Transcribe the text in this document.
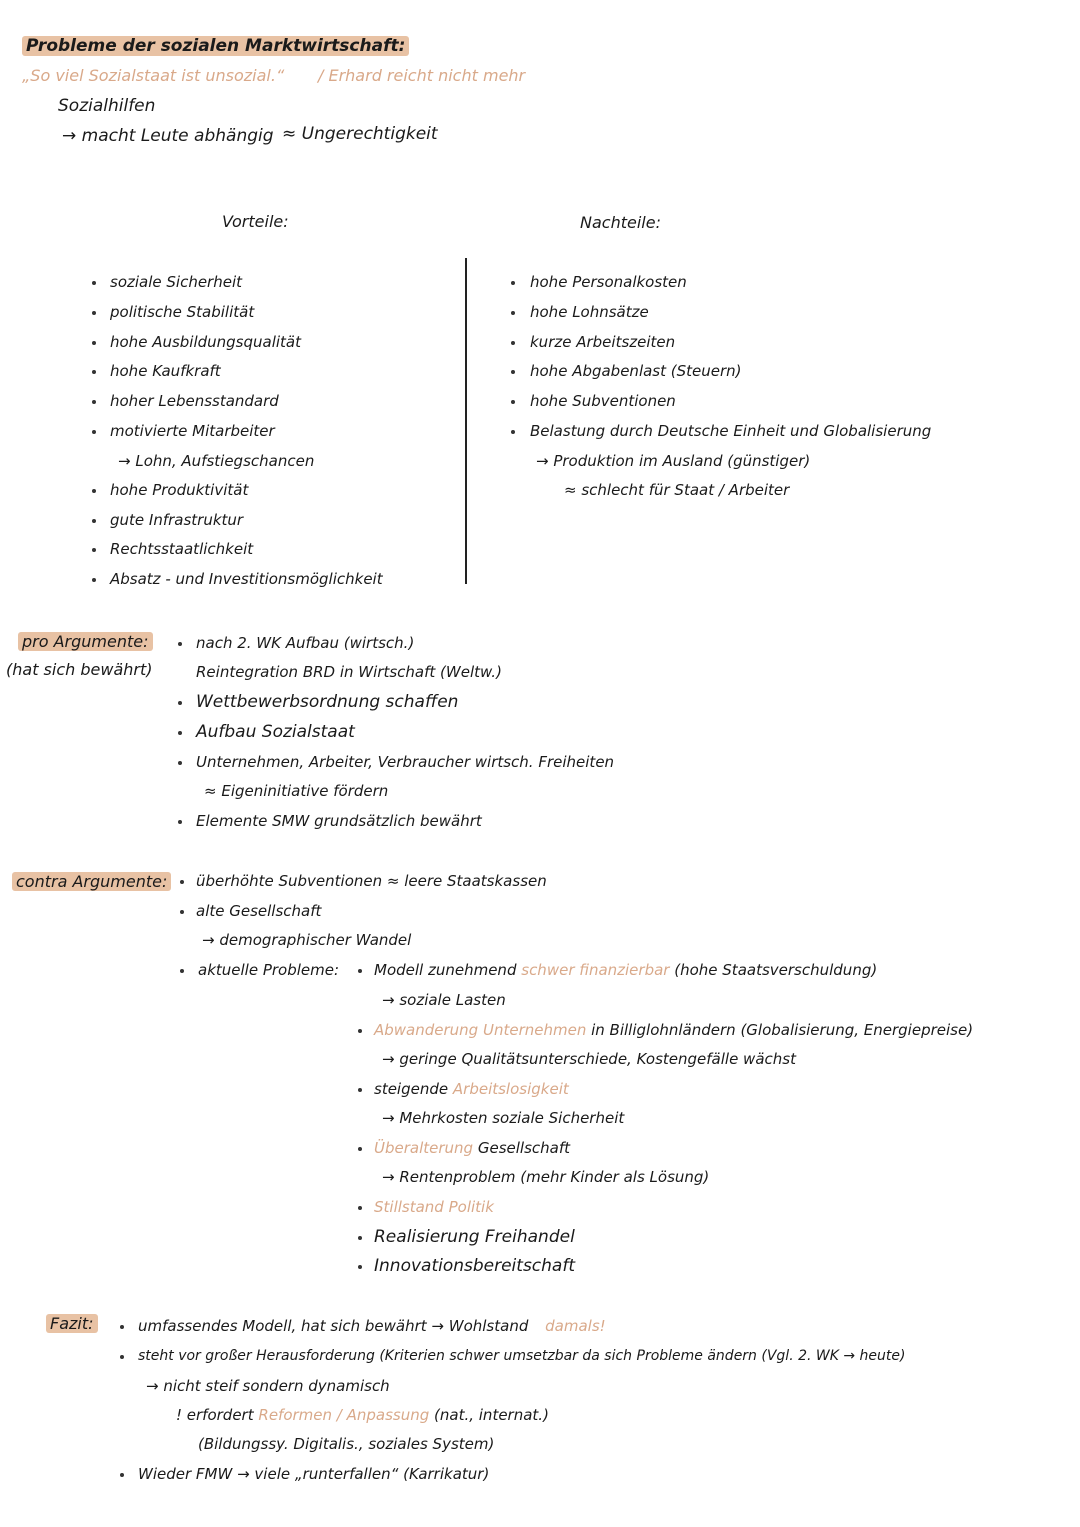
Probleme der sozialen Marktwirtschaft:
„So viel Sozialstaat ist unsozial.“ / Erhard reicht nicht mehr
Sozialhilfen
→ macht Leute abhängig ≈ Ungerechtigkeit
Vorteile:	Nachteile:
soziale Sicherheit
politische Stabilität
hohe Ausbildungsqualität
hohe Kaufkraft
hoher Lebensstandard
motivierte Mitarbeiter
→ Lohn, Aufstiegschancen
hohe Produktivität
gute Infrastruktur
Rechtsstaatlichkeit
Absatz - und Investitionsmöglichkeit
hohe Personalkosten
hohe Lohnsätze
kurze Arbeitszeiten
hohe Abgabenlast (Steuern)
hohe Subventionen
Belastung durch Deutsche Einheit und Globalisierung
→ Produktion im Ausland (günstiger)
≈ schlecht für Staat / Arbeiter
pro Argumente:
(hat sich bewährt)
nach 2. WK Aufbau (wirtsch.)
Reintegration BRD in Wirtschaft (Weltw.)
Wettbewerbsordnung schaffen
Aufbau Sozialstaat
Unternehmen, Arbeiter, Verbraucher wirtsch. Freiheiten
≈ Eigeninitiative fördern
Elemente SMW grundsätzlich bewährt
contra Argumente: überhöhte Subventionen ≈ leere Staatskassen
alte Gesellschaft
→ demographischer Wandel
aktuelle Probleme: Modell zunehmend schwer finanzierbar (hohe Staatsverschuldung)
→ soziale Lasten
Abwanderung Unternehmen in Billiglohnländern (Globalisierung, Energiepreise)
→ geringe Qualitätsunterschiede, Kostengefälle wächst
steigende Arbeitslosigkeit
→ Mehrkosten soziale Sicherheit
Überalterung Gesellschaft
→ Rentenproblem (mehr Kinder als Lösung)
Stillstand Politik
Realisierung Freihandel
Innovationsbereitschaft
Fazit:	umfassendes Modell, hat sich bewährt → Wohlstand damals!
steht vor großer Herausforderung (Kriterien schwer umsetzbar da sich Probleme ändern (Vgl. 2. WK → heute)
→ nicht steif sondern dynamisch
! erfordert Reformen / Anpassung (nat., internat.)
(Bildungssy. Digitalis., soziales System)
Wieder FMW → viele „runterfallen“ (Karrikatur)
